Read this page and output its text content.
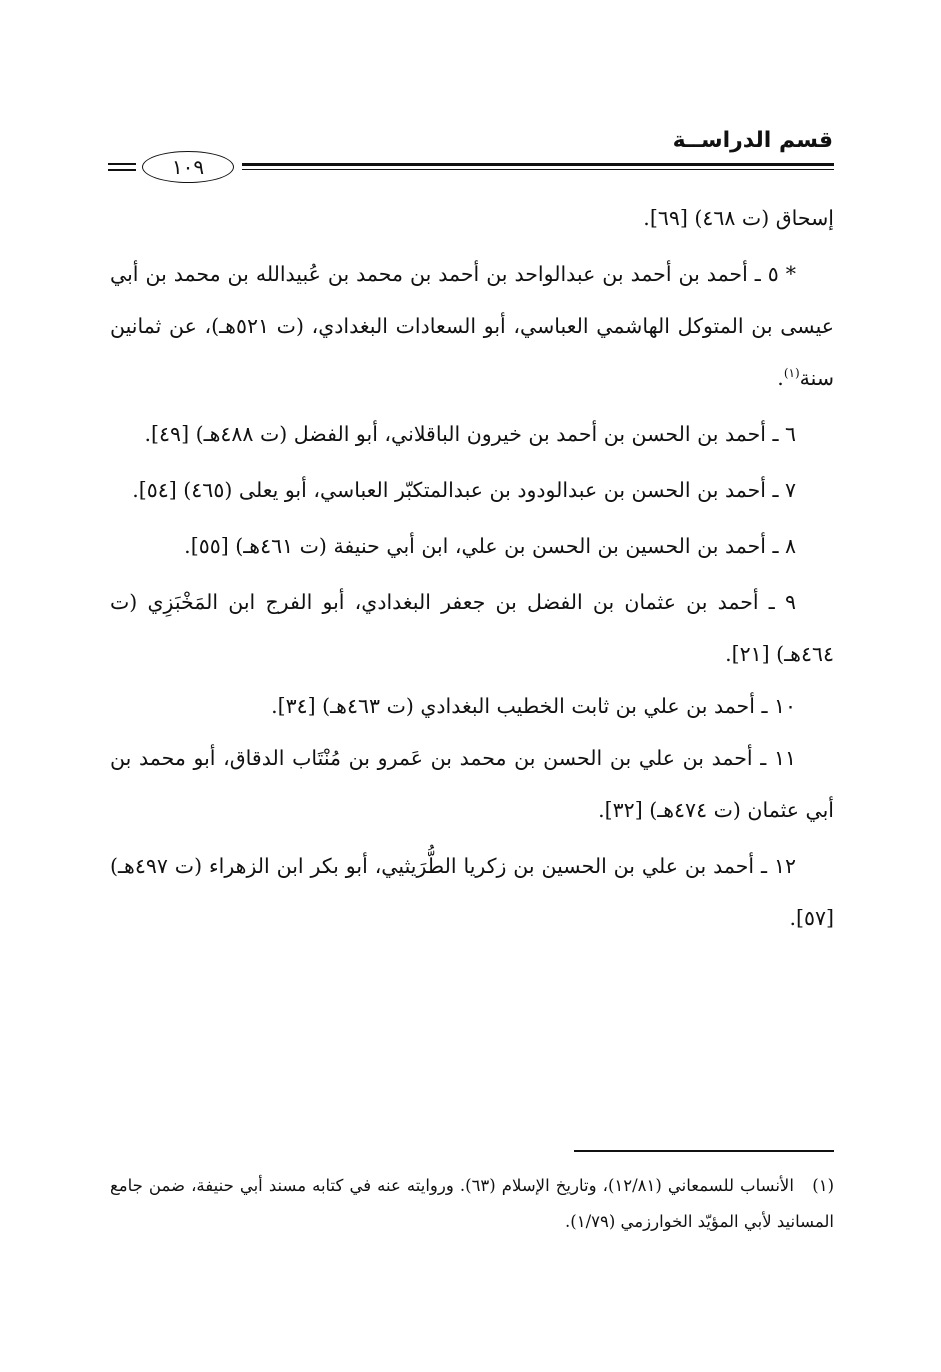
قسم الدراســة
١٠٩

إسحاق (ت ٤٦٨) [٦٩].

* ٥ ـ أحمد بن أحمد بن عبدالواحد بن أحمد بن محمد بن عُبيدالله بن محمد بن أبي عيسى بن المتوكل الهاشمي العباسي، أبو السعادات البغدادي، (ت ٥٢١هـ)، عن ثمانين سنة$^{(١)}$.

٦ ـ أحمد بن الحسن بن أحمد بن خيرون الباقلاني، أبو الفضل (ت ٤٨٨هـ) [٤٩].

٧ ـ أحمد بن الحسن بن عبدالودود بن عبدالمتكبّر العباسي، أبو يعلى (٤٦٥) [٥٤].

٨ ـ أحمد بن الحسين بن الحسن بن علي، ابن أبي حنيفة (ت ٤٦١هـ) [٥٥].

٩ ـ أحمد بن عثمان بن الفضل بن جعفر البغدادي، أبو الفرج ابن المَخْبَزِي (ت ٤٦٤هـ) [٢١].

١٠ ـ أحمد بن علي بن ثابت الخطيب البغدادي (ت ٤٦٣هـ) [٣٤].

١١ ـ أحمد بن علي بن الحسن بن محمد بن عَمرو بن مُنْتَاب الدقاق، أبو محمد بن أبي عثمان (ت ٤٧٤هـ) [٣٢].

١٢ ـ أحمد بن علي بن الحسين بن زكريا الطُّرَيثيي، أبو بكر ابن الزهراء (ت ٤٩٧هـ) [٥٧].

(١) الأنساب للسمعاني (١٢/٨١)، وتاريخ الإسلام (٦٣). وروايته عنه في كتابه مسند أبي حنيفة، ضمن جامع المسانيد لأبي المؤيّد الخوارزمي (١/٧٩).
